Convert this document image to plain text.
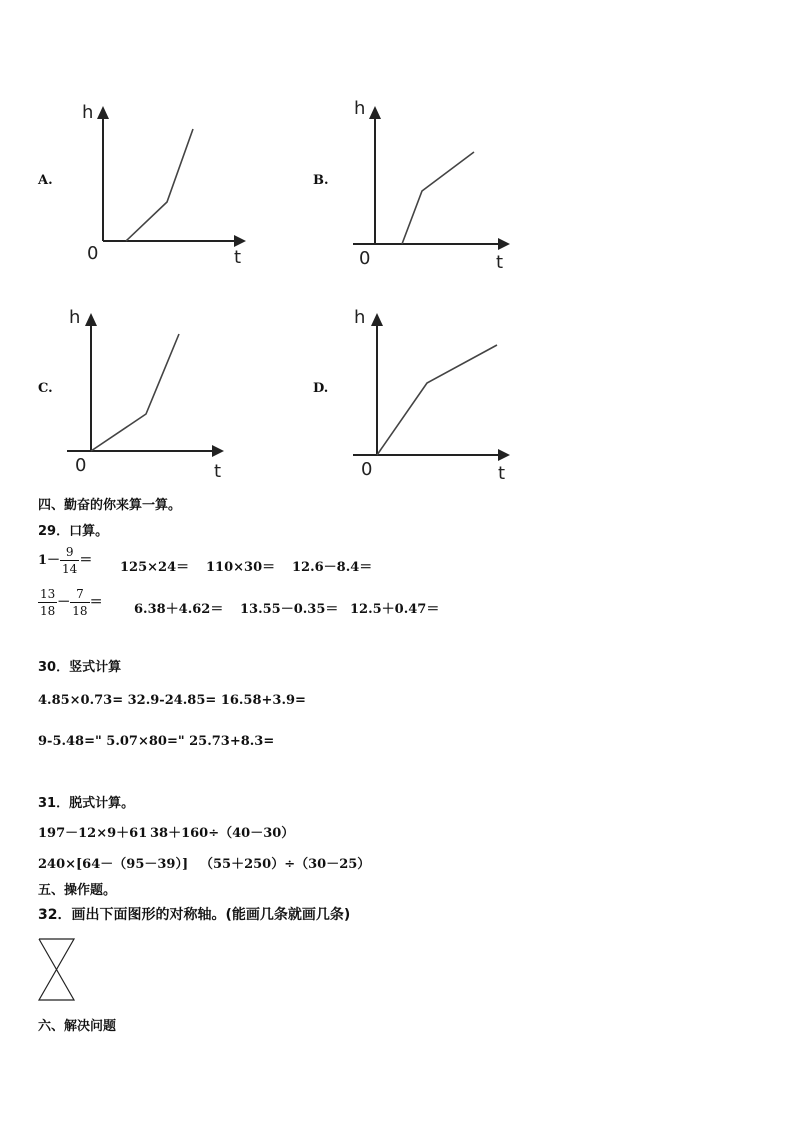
A.
h
t
0
B.
h
t
0
C.
h
t
0
D.
h
t
0
四、勤奋的你来算一算。
29．口算。
$1- \frac{9}{14} = 125\times 24= 110\times 30= 12.6-8.4=$
$\frac{13}{18} - \frac{7}{18} = 6.38+4.62= 13.55-0.35= 12.5+0.47=$
30．竖式计算
4.85×0.73= 32.9-24.85= 16.58+3.9=
9-5.48=" 5.07×80=" 25.73+8.3=
31．脱式计算。
197－12×9＋61 38＋160÷（40－30）
240×[64－（95－39）] （55＋250）÷（30－25）
五、操作题。
32．画出下面图形的对称轴。(能画几条就画几条)
六、解决问题
